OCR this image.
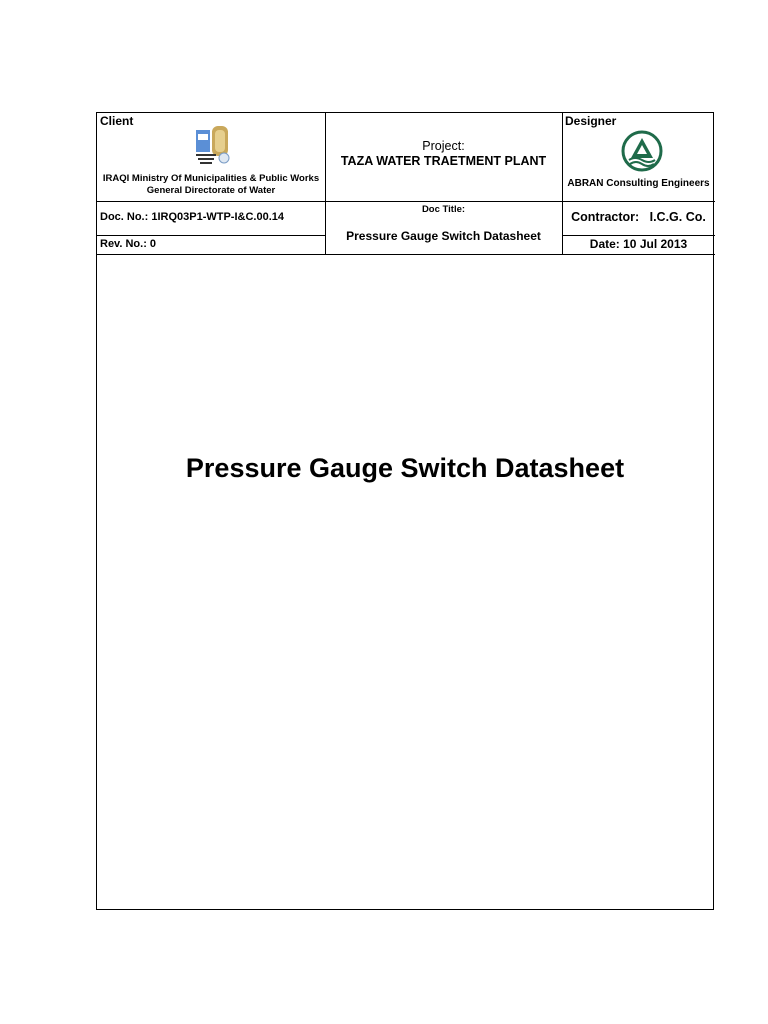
Client
IRAQI Ministry Of Municipalities & Public Works
General Directorate of Water
Project:
TAZA WATER TRAETMENT PLANT
Designer
ABRAN Consulting Engineers
Doc. No.: 1IRQ03P1-WTP-I&C.00.14
Rev. No.: 0
Doc Title:
Pressure Gauge Switch Datasheet
Contractor:   I.C.G. Co.
Date: 10 Jul 2013
Pressure Gauge Switch Datasheet
